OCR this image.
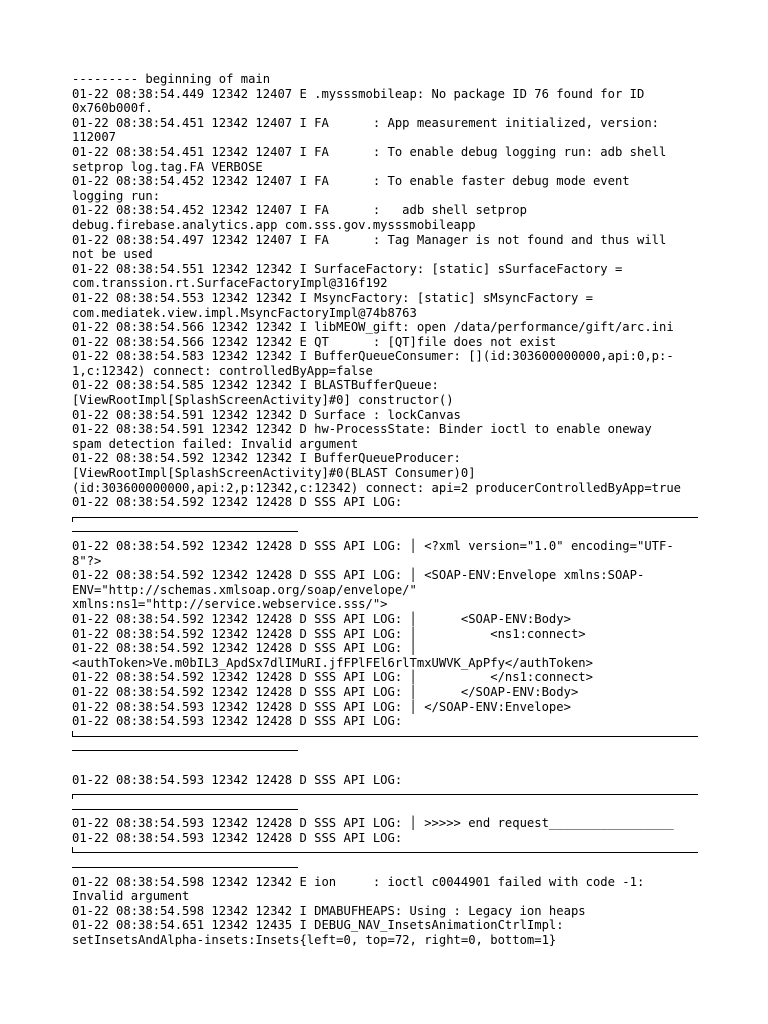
--------- beginning of main
01-22 08:38:54.449 12342 12407 E .mysssmobileap: No package ID 76 found for ID
0x760b000f.
01-22 08:38:54.451 12342 12407 I FA      : App measurement initialized, version:
112007
01-22 08:38:54.451 12342 12407 I FA      : To enable debug logging run: adb shell
setprop log.tag.FA VERBOSE
01-22 08:38:54.452 12342 12407 I FA      : To enable faster debug mode event
logging run:
01-22 08:38:54.452 12342 12407 I FA      :   adb shell setprop
debug.firebase.analytics.app com.sss.gov.mysssmobileapp
01-22 08:38:54.497 12342 12407 I FA      : Tag Manager is not found and thus will
not be used
01-22 08:38:54.551 12342 12342 I SurfaceFactory: [static] sSurfaceFactory =
com.transsion.rt.SurfaceFactoryImpl@316f192
01-22 08:38:54.553 12342 12342 I MsyncFactory: [static] sMsyncFactory =
com.mediatek.view.impl.MsyncFactoryImpl@74b8763
01-22 08:38:54.566 12342 12342 I libMEOW_gift: open /data/performance/gift/arc.ini
01-22 08:38:54.566 12342 12342 E QT      : [QT]file does not exist
01-22 08:38:54.583 12342 12342 I BufferQueueConsumer: [](id:303600000000,api:0,p:-
1,c:12342) connect: controlledByApp=false
01-22 08:38:54.585 12342 12342 I BLASTBufferQueue:
[ViewRootImpl[SplashScreenActivity]#0] constructor()
01-22 08:38:54.591 12342 12342 D Surface : lockCanvas
01-22 08:38:54.591 12342 12342 D hw-ProcessState: Binder ioctl to enable oneway
spam detection failed: Invalid argument
01-22 08:38:54.592 12342 12342 I BufferQueueProducer:
[ViewRootImpl[SplashScreenActivity]#0(BLAST Consumer)0]
(id:303600000000,api:2,p:12342,c:12342) connect: api=2 producerControlledByApp=true
01-22 08:38:54.592 12342 12428 D SSS API LOG:
01-22 08:38:54.592 12342 12428 D SSS API LOG: │ <?xml version="1.0" encoding="UTF-
8"?>
01-22 08:38:54.592 12342 12428 D SSS API LOG: │ <SOAP-ENV:Envelope xmlns:SOAP-
ENV="http://schemas.xmlsoap.org/soap/envelope/"
xmlns:ns1="http://service.webservice.sss/">
01-22 08:38:54.592 12342 12428 D SSS API LOG: │      <SOAP-ENV:Body>
01-22 08:38:54.592 12342 12428 D SSS API LOG: │          <ns1:connect>
01-22 08:38:54.592 12342 12428 D SSS API LOG: │
<authToken>Ve.m0bIL3_ApdSx7dlIMuRI.jfFPlFEl6rlTmxUWVK_ApPfy</authToken>
01-22 08:38:54.592 12342 12428 D SSS API LOG: │          </ns1:connect>
01-22 08:38:54.592 12342 12428 D SSS API LOG: │      </SOAP-ENV:Body>
01-22 08:38:54.593 12342 12428 D SSS API LOG: │ </SOAP-ENV:Envelope>
01-22 08:38:54.593 12342 12428 D SSS API LOG:
01-22 08:38:54.593 12342 12428 D SSS API LOG:
01-22 08:38:54.593 12342 12428 D SSS API LOG: │ >>>>> end request_________________
01-22 08:38:54.593 12342 12428 D SSS API LOG:
01-22 08:38:54.598 12342 12342 E ion     : ioctl c0044901 failed with code -1:
Invalid argument
01-22 08:38:54.598 12342 12342 I DMABUFHEAPS: Using : Legacy ion heaps
01-22 08:38:54.651 12342 12435 I DEBUG_NAV_InsetsAnimationCtrlImpl:
setInsetsAndAlpha-insets:Insets{left=0, top=72, right=0, bottom=1}
